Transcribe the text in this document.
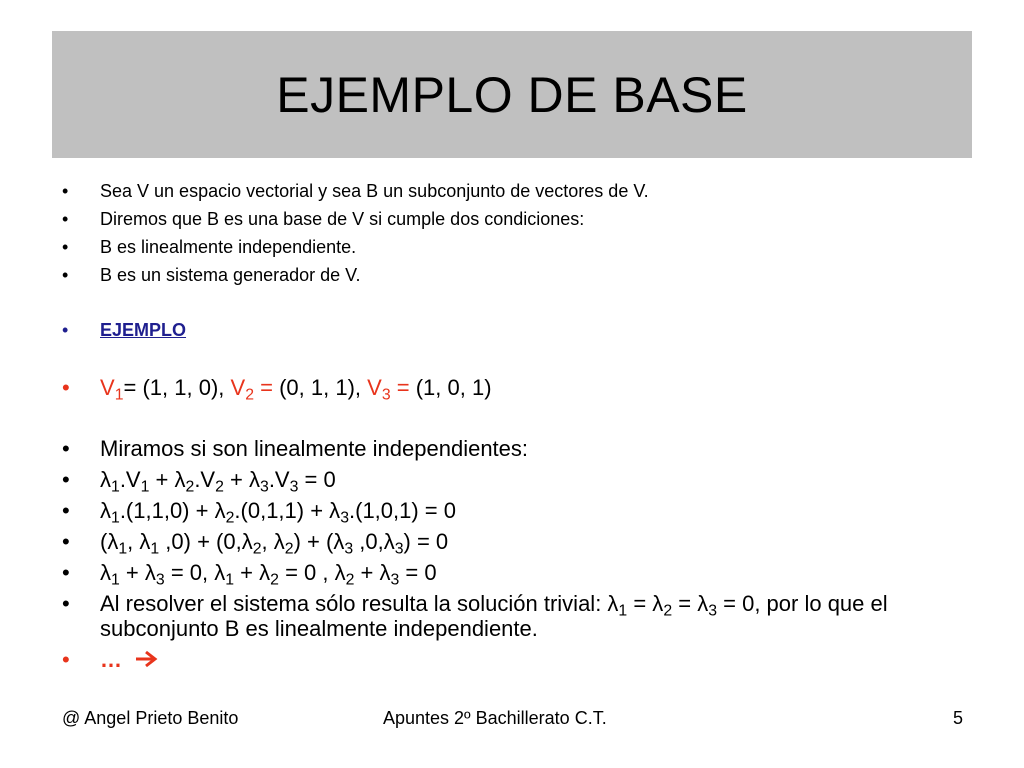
EJEMPLO DE BASE
• Sea V un espacio vectorial y sea B un subconjunto de vectores de V.
• Diremos que B es una base de V si cumple dos condiciones:
• B es linealmente independiente.
• B es un sistema generador de V.
• EJEMPLO
• $V_1= (1$, 1, 0), $V_2 = (0$, 1, 1), $V_3 = (1$, 0, 1)
• Miramos si son linealmente independientes:
• $\lambda_1.V_1 + \lambda_2.V_2 + \lambda_3.V_3 = 0$
• $\lambda_1.(1,1,0) + \lambda_2.(0,1,1) + \lambda_3.(1,0,1) = 0$
• ($\lambda_1$, $\lambda_1$ $,0) + (0,\lambda_2$, $\lambda_2) + (\lambda_3$ $,0,\lambda_3) = 0$
• $\lambda_1 + \lambda_3 = 0$, $\lambda_1 + \lambda_2 = 0$ , $\lambda_2 + \lambda_3 = 0$
• Al resolver el sistema sólo resulta la solución trivial: $\lambda_1 = \lambda_2 = \lambda_3 = 0$, por lo que el subconjunto B es linealmente independiente.
• …
@ Angel Prieto Benito	Apuntes 2º Bachillerato C.T.	5
